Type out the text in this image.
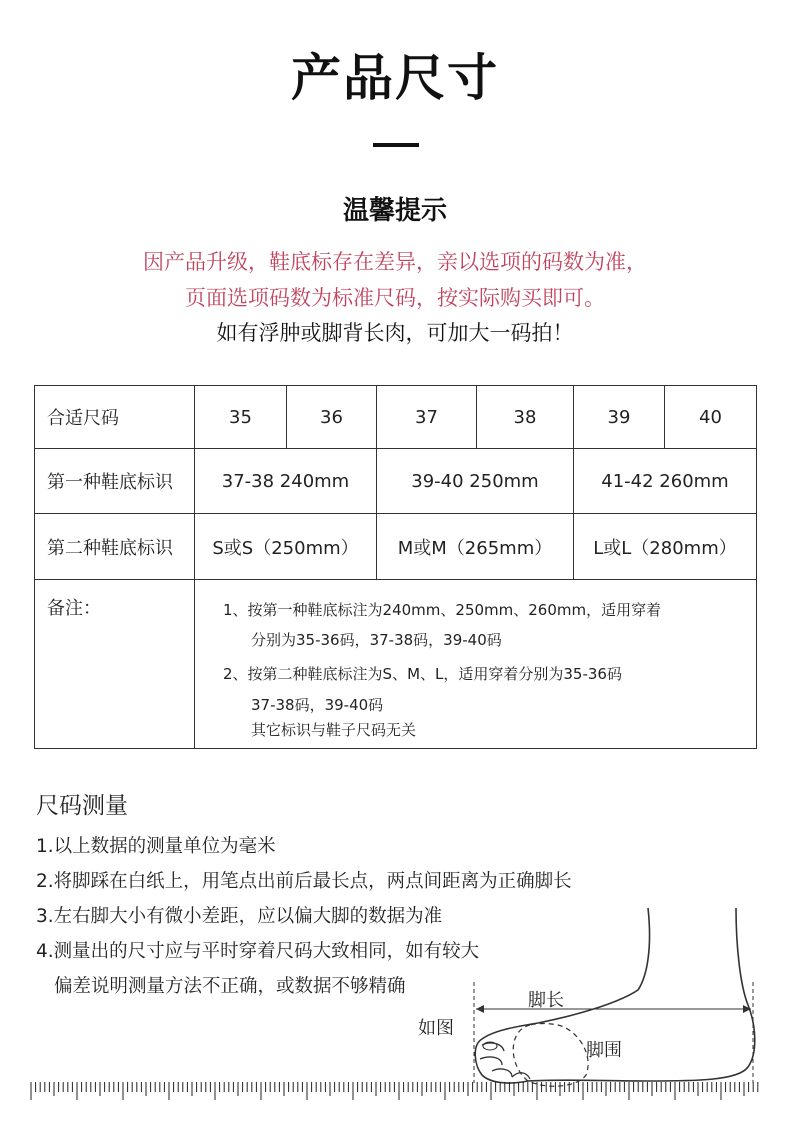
产品尺寸
温馨提示
因产品升级，鞋底标存在差异，亲以选项的码数为准，
页面选项码数为标准尺码，按实际购买即可。
如有浮肿或脚背长肉，可加大一码拍！
合适尺码	35	36	37	38	39	40
第一种鞋底标识	37-38 240mm		39-40 250mm		41-42 260mm	
第二种鞋底标识	S或S（250mm）		M或M（265mm）		L或L（280mm）	
备注：	1、按第一种鞋底标注为240mm、250mm、260mm，适用穿着
分别为35-36码，37-38码，39-40码
2、按第二种鞋底标注为S、M、L，适用穿着分别为35-36码
37-38码，39-40码
其它标识与鞋子尺码无关					
尺码测量
1.以上数据的测量单位为毫米
2.将脚踩在白纸上，用笔点出前后最长点，两点间距离为正确脚长
3.左右脚大小有微小差距，应以偏大脚的数据为准
4.测量出的尺寸应与平时穿着尺码大致相同，如有较大
偏差说明测量方法不正确，或数据不够精确
如图
脚长
脚围
